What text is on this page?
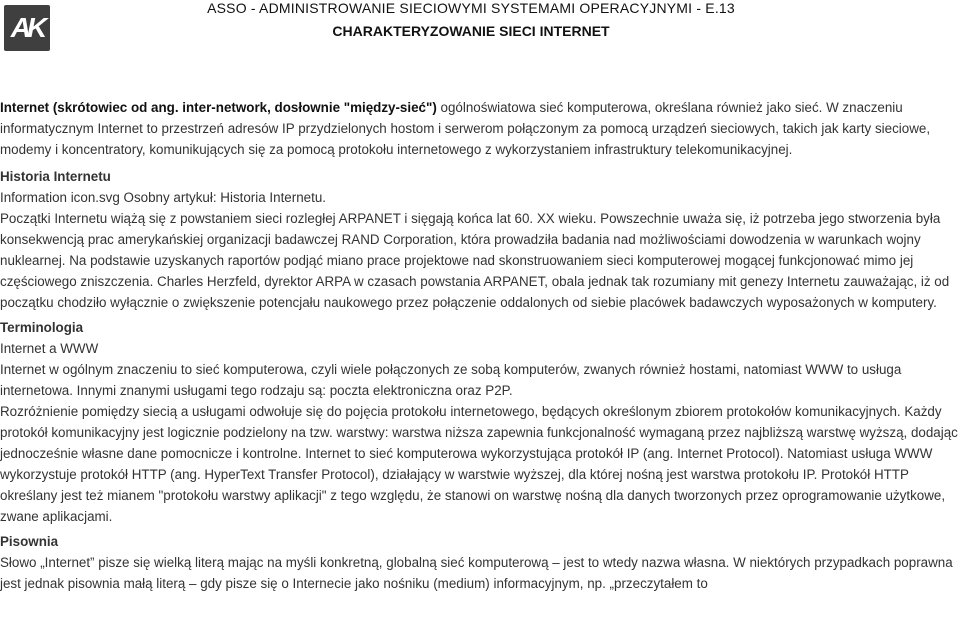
AK
ASSO - ADMINISTROWANIE SIECIOWYMI SYSTEMAMI OPERACYJNYMI - E.13
CHARAKTERYZOWANIE SIECI INTERNET

Internet (skrótowiec od ang. inter-network, dosłownie "między-sieć") ogólnoświatowa sieć komputerowa, określana również jako sieć. W znaczeniu informatycznym Internet to przestrzeń adresów IP przydzielonych hostom i serwerom połączonym za pomocą urządzeń sieciowych, takich jak karty sieciowe, modemy i koncentratory, komunikujących się za pomocą protokołu internetowego z wykorzystaniem infrastruktury telekomunikacyjnej.

Historia Internetu

Information icon.svg Osobny artykuł: Historia Internetu.

Początki Internetu wiążą się z powstaniem sieci rozległej ARPANET i sięgają końca lat 60. XX wieku. Powszechnie uważa się, iż potrzeba jego stworzenia była konsekwencją prac amerykańskiej organizacji badawczej RAND Corporation, która prowadziła badania nad możliwościami dowodzenia w warunkach wojny nuklearnej. Na podstawie uzyskanych raportów podjąć miano prace projektowe nad skonstruowaniem sieci komputerowej mogącej funkcjonować mimo jej częściowego zniszczenia. Charles Herzfeld, dyrektor ARPA w czasach powstania ARPANET, obala jednak tak rozumiany mit genezy Internetu zauważając, iż od początku chodziło wyłącznie o zwiększenie potencjału naukowego przez połączenie oddalonych od siebie placówek badawczych wyposażonych w komputery.

Terminologia

Internet a WWW

Internet w ogólnym znaczeniu to sieć komputerowa, czyli wiele połączonych ze sobą komputerów, zwanych również hostami, natomiast WWW to usługa internetowa. Innymi znanymi usługami tego rodzaju są: poczta elektroniczna oraz P2P.

Rozróżnienie pomiędzy siecią a usługami odwołuje się do pojęcia protokołu internetowego, będących określonym zbiorem protokołów komunikacyjnych. Każdy protokół komunikacyjny jest logicznie podzielony na tzw. warstwy: warstwa niższa zapewnia funkcjonalność wymaganą przez najbliższą warstwę wyższą, dodając jednocześnie własne dane pomocnicze i kontrolne. Internet to sieć komputerowa wykorzystująca protokół IP (ang. Internet Protocol). Natomiast usługa WWW wykorzystuje protokół HTTP (ang. HyperText Transfer Protocol), działający w warstwie wyższej, dla której nośną jest warstwa protokołu IP. Protokół HTTP określany jest też mianem "protokołu warstwy aplikacji" z tego względu, że stanowi on warstwę nośną dla danych tworzonych przez oprogramowanie użytkowe, zwane aplikacjami.

Pisownia

Słowo „Internet” pisze się wielką literą mając na myśli konkretną, globalną sieć komputerową – jest to wtedy nazwa własna. W niektórych przypadkach poprawna jest jednak pisownia małą literą – gdy pisze się o Internecie jako nośniku (medium) informacyjnym, np. „przeczytałem to
